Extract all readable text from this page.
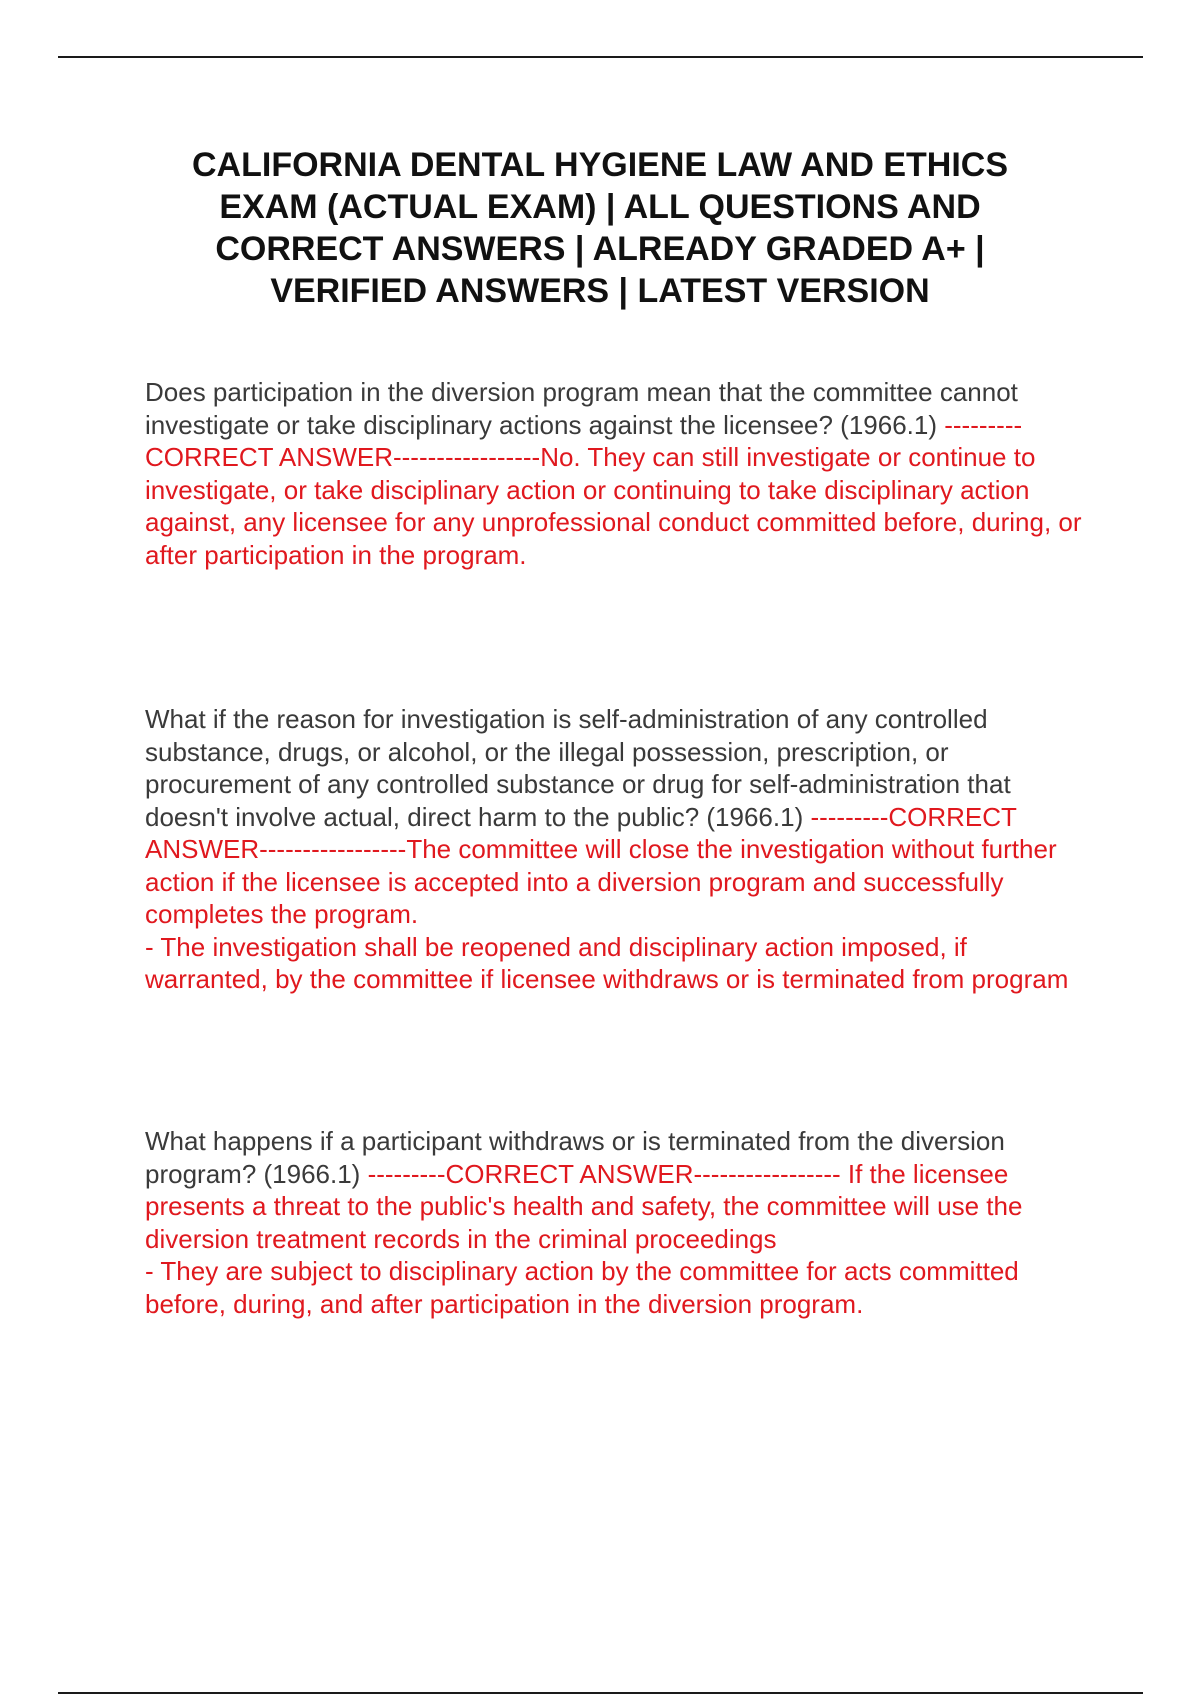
CALIFORNIA DENTAL HYGIENE LAW AND ETHICS EXAM (ACTUAL EXAM) | ALL QUESTIONS AND CORRECT ANSWERS | ALREADY GRADED A+ | VERIFIED ANSWERS | LATEST VERSION

Does participation in the diversion program mean that the committee cannot investigate or take disciplinary actions against the licensee? (1966.1) ---------CORRECT ANSWER-----------------No. They can still investigate or continue to investigate, or take disciplinary action or continuing to take disciplinary action against, any licensee for any unprofessional conduct committed before, during, or after participation in the program.

What if the reason for investigation is self-administration of any controlled substance, drugs, or alcohol, or the illegal possession, prescription, or procurement of any controlled substance or drug for self-administration that doesn't involve actual, direct harm to the public? (1966.1) ---------CORRECT ANSWER-----------------The committee will close the investigation without further action if the licensee is accepted into a diversion program and successfully completes the program.
- The investigation shall be reopened and disciplinary action imposed, if warranted, by the committee if licensee withdraws or is terminated from program

What happens if a participant withdraws or is terminated from the diversion program? (1966.1) ---------CORRECT ANSWER----------------- If the licensee presents a threat to the public's health and safety, the committee will use the diversion treatment records in the criminal proceedings
- They are subject to disciplinary action by the committee for acts committed before, during, and after participation in the diversion program.
